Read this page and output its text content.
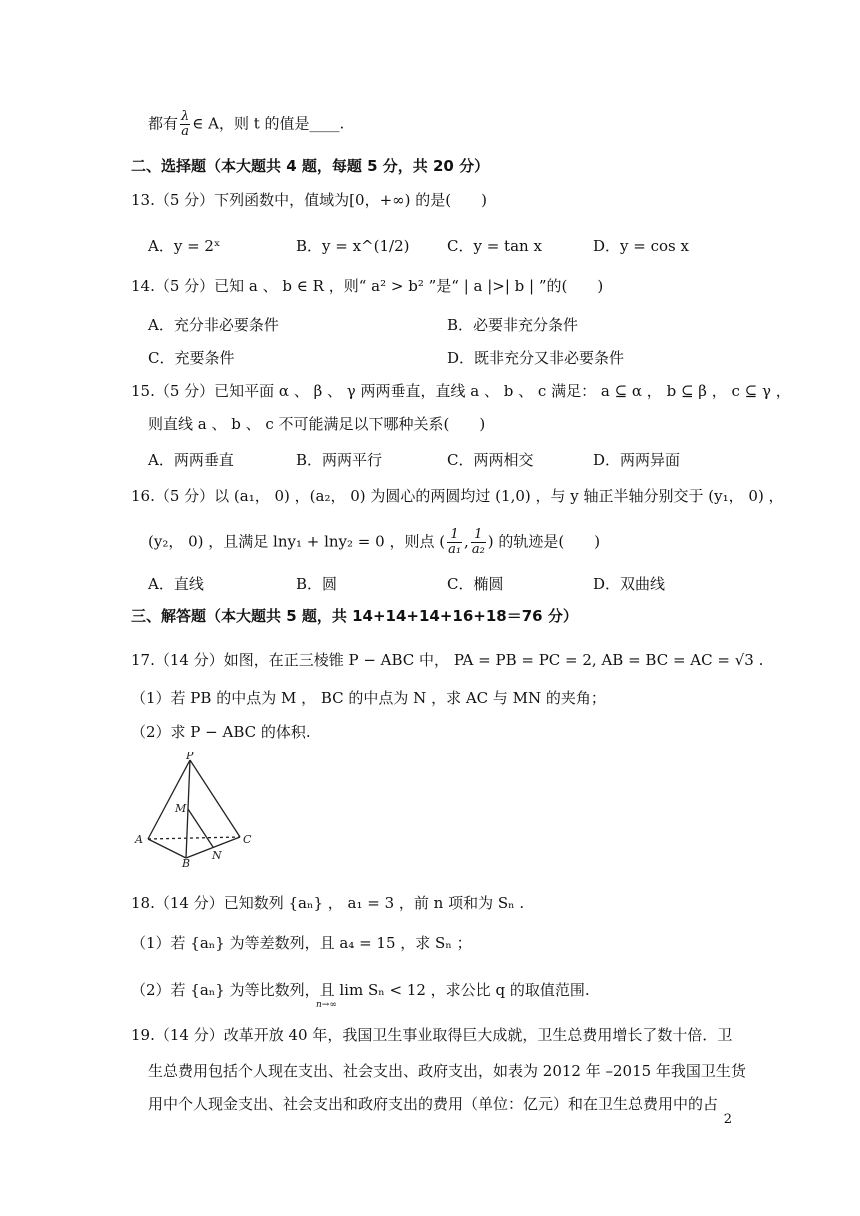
都有 $\frac{\lambda}{a}$ ∈ A，则 t 的值是____.
二、选择题（本大题共 4 题，每题 5 分，共 20 分）
13.（5 分）下列函数中，值域为[0，+∞) 的是(　　)
A．y = 2ˣ	B．y = x^(1/2)	C．y = tan x	D．y = cos x
14.（5 分）已知 a 、 b ∈ R ，则“ a² > b² ”是“ | a |>| b | ”的(　　)
A．充分非必要条件	B．必要非充分条件
C．充要条件	D．既非充分又非必要条件
15.（5 分）已知平面 α 、 β 、 γ 两两垂直，直线 a 、 b 、 c 满足： a ⊆ α ， b ⊆ β ， c ⊆ γ ，
则直线 a 、 b 、 c 不可能满足以下哪种关系(　　)
A．两两垂直	B．两两平行	C．两两相交	D．两两异面
16.（5 分）以 (a₁， 0) ，(a₂， 0) 为圆心的两圆均过 (1,0) ，与 y 轴正半轴分别交于 (y₁， 0) ，
(y₂， 0) ，且满足 lny₁ + lny₂ = 0 ，则点 ( $\frac{1}{\text{a₁}}$ , $\frac{1}{\text{a₂}}$ ) 的轨迹是(　　)
A．直线	B．圆	C．椭圆	D．双曲线
三、解答题（本大题共 5 题，共 14+14+14+16+18＝76 分）
17.（14 分）如图，在正三棱锥 P − ABC 中， PA = PB = PC = 2, AB = BC = AC = √3 .
（1）若 PB 的中点为 M ， BC 的中点为 N ，求 AC 与 MN 的夹角；
（2）求 P − ABC 的体积.
P
M
A	C
N
B
18.（14 分）已知数列 {aₙ} ， a₁ = 3 ，前 n 项和为 Sₙ .
（1）若 {aₙ} 为等差数列，且 a₄ = 15 ，求 Sₙ ；
（2）若 {aₙ} 为等比数列，且 lim Sₙ < 12 ，求公比 q 的取值范围.
n→∞
19.（14 分）改革开放 40 年，我国卫生事业取得巨大成就，卫生总费用增长了数十倍．卫
生总费用包括个人现在支出、社会支出、政府支出，如表为 2012 年 –2015 年我国卫生货
用中个人现金支出、社会支出和政府支出的费用（单位：亿元）和在卫生总费用中的占
2
